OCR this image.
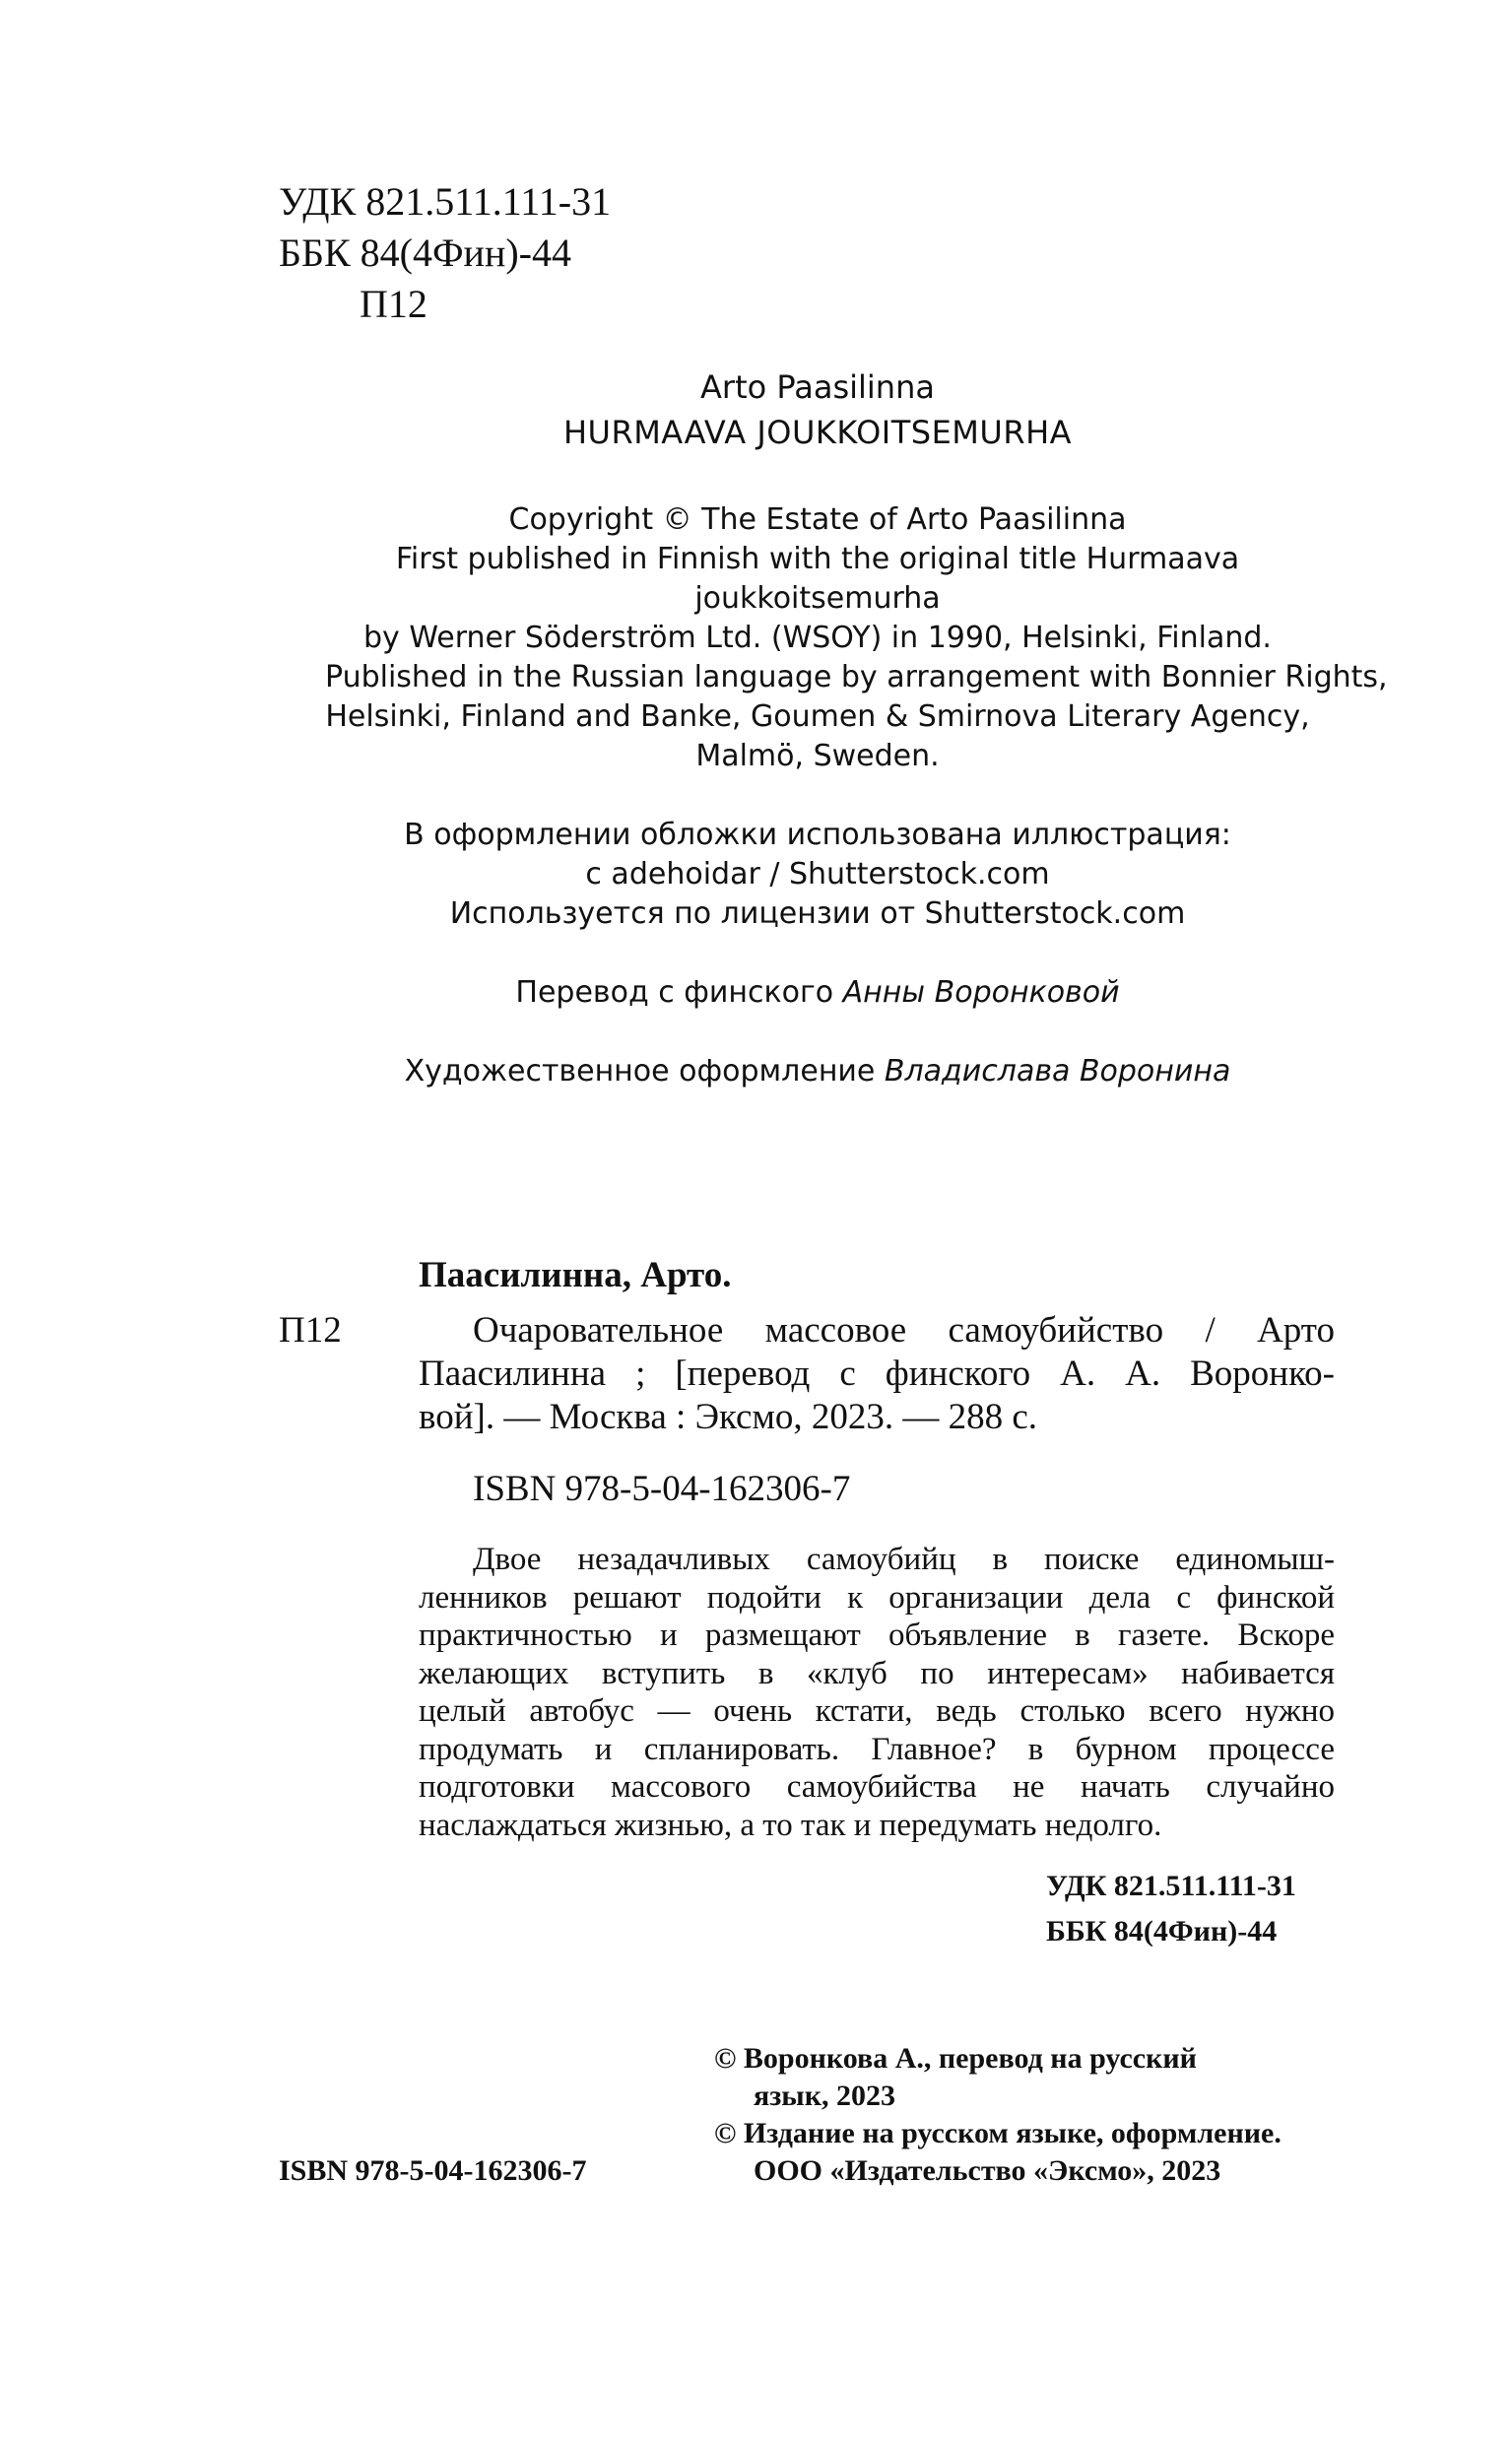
УДК 821.511.111-31
ББК 84(4Фин)-44
П12
Arto Paasilinna
HURMAAVA JOUKKOITSEMURHA
Copyright © The Estate of Arto Paasilinna
First published in Finnish with the original title Hurmaava
joukkoitsemurha
by Werner Söderström Ltd. (WSOY) in 1990, Helsinki, Finland.
Published in the Russian language by arrangement with Bonnier Rights,
Helsinki, Finland and Banke, Goumen & Smirnova Literary Agency,
Malmö, Sweden.
В оформлении обложки использована иллюстрация:
с adehoidar / Shutterstock.com
Используется по лицензии от Shutterstock.com
Перевод с финского Анны Воронковой
Художественное оформление Владислава Воронина
Паасилинна, Арто.
П12	Очаровательное массовое самоубийство / Арто
Паасилинна ; [перевод с финского А. А. Воронко-
вой]. — Москва : Эксмо, 2023. — 288 с.
ISBN 978-5-04-162306-7
Двое незадачливых самоубийц в поиске единомыш-
ленников решают подойти к организации дела с финской
практичностью и размещают объявление в газете. Вскоре
желающих вступить в «клуб по интересам» набивается
целый автобус — очень кстати, ведь столько всего нужно
продумать и спланировать. Главное? в бурном процессе
подготовки массового самоубийства не начать случайно
наслаждаться жизнью, а то так и передумать недолго.
УДК 821.511.111-31
ББК 84(4Фин)-44
© Воронкова А., перевод на русский
язык, 2023
© Издание на русском языке, оформление.
ООО «Издательство «Эксмо», 2023
ISBN 978-5-04-162306-7
